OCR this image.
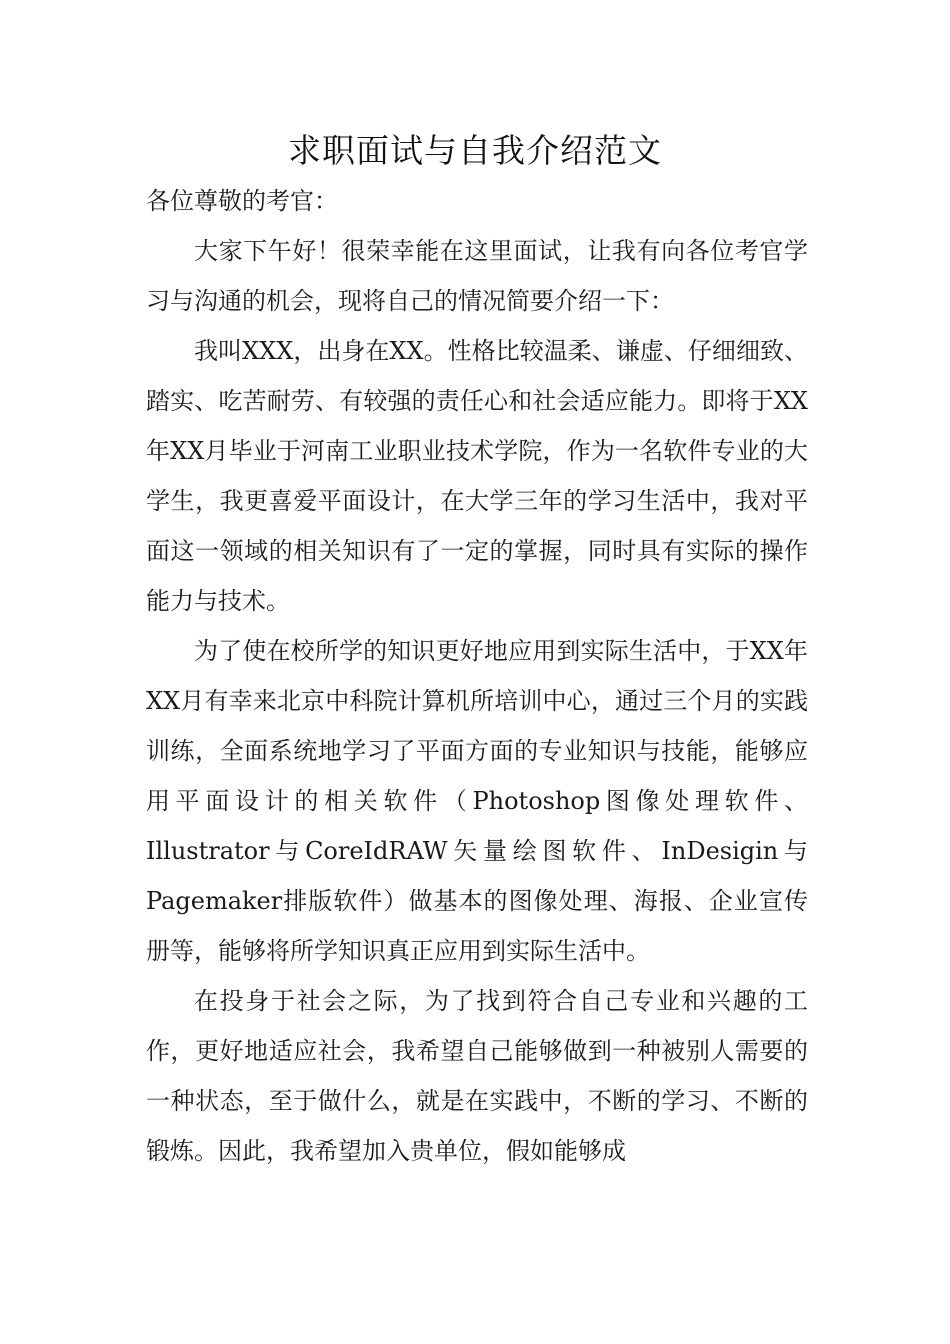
求职面试与自我介绍范文

各位尊敬的考官：

大家下午好！很荣幸能在这里面试，让我有向各位考官学习与沟通的机会，现将自己的情况简要介绍一下：

我叫XXX，出身在XX。性格比较温柔、谦虚、仔细细致、踏实、吃苦耐劳、有较强的责任心和社会适应能力。即将于XX年XX月毕业于河南工业职业技术学院，作为一名软件专业的大学生，我更喜爱平面设计，在大学三年的学习生活中，我对平面这一领域的相关知识有了一定的掌握，同时具有实际的操作能力与技术。

为了使在校所学的知识更好地应用到实际生活中，于XX年XX月有幸来北京中科院计算机所培训中心，通过三个月的实践训练，全面系统地学习了平面方面的专业知识与技能，能够应用平面设计的相关软件（Photoshop图像处理软件、Illustrator与CoreIdRAW矢量绘图软件、InDesigin与Pagemaker排版软件）做基本的图像处理、海报、企业宣传册等，能够将所学知识真正应用到实际生活中。

在投身于社会之际，为了找到符合自己专业和兴趣的工作，更好地适应社会，我希望自己能够做到一种被别人需要的一种状态，至于做什么，就是在实践中，不断的学习、不断的锻炼。因此，我希望加入贵单位，假如能够成
